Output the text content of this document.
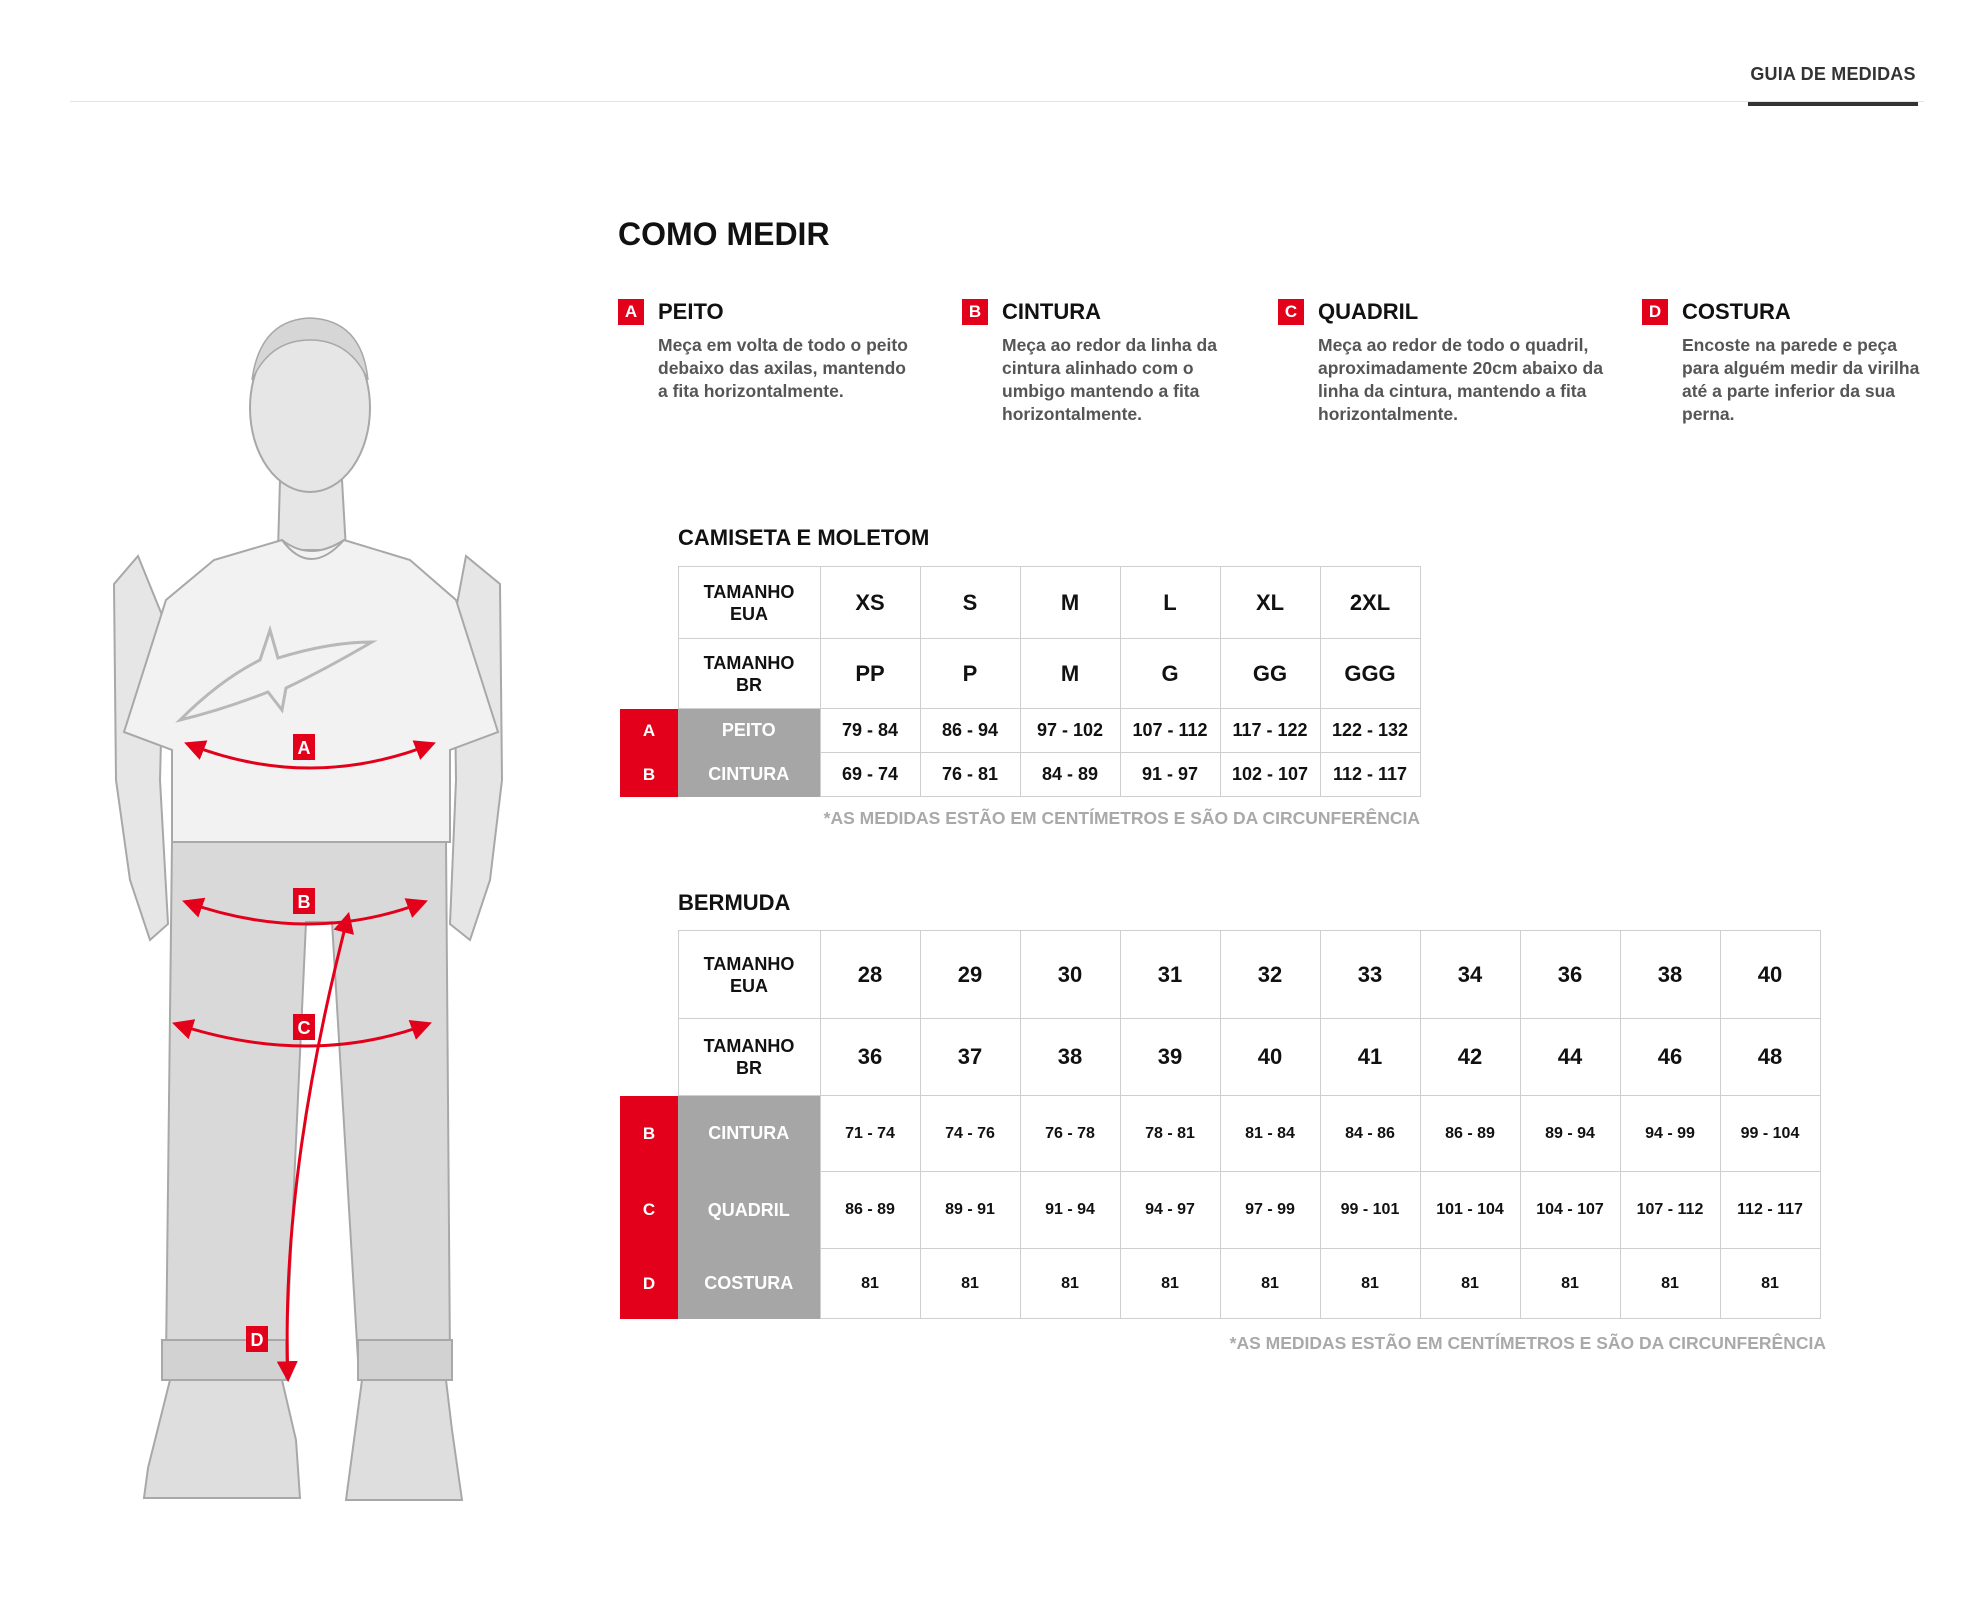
GUIA DE MEDIDAS
A
B
C
D
COMO MEDIR
A PEITO
Meça em volta de todo o peito
debaixo das axilas, mantendo
a fita horizontalmente.
B CINTURA
Meça ao redor da linha da
cintura alinhado com o
umbigo mantendo a fita
horizontalmente.
C QUADRIL
Meça ao redor de todo o quadril,
aproximadamente 20cm abaixo da
linha da cintura, mantendo a fita
horizontalmente.
D COSTURA
Encoste na parede e peça
para alguém medir da virilha
até a parte inferior da sua
perna.
CAMISETA E MOLETOM

	TAMANHO
EUA	XS	S	M	L	XL	2XL

	TAMANHO
BR	PP	P	M	G	GG	GGG
A	PEITO	79 - 84	86 - 94	97 - 102	107 - 112	117 - 122	122 - 132
B	CINTURA	69 - 74	76 - 81	84 - 89	91 - 97	102 - 107	112 - 117
*AS MEDIDAS ESTÃO EM CENTÍMETROS E SÃO DA CIRCUNFERÊNCIA
BERMUDA

	TAMANHO
EUA	28	29	30	31	32	33	34	36	38	40

	TAMANHO
BR	36	37	38	39	40	41	42	44	46	48
B	CINTURA	71 - 74	74 - 76	76 - 78	78 - 81	81 - 84	84 - 86	86 - 89	89 - 94	94 - 99	99 - 104
C	QUADRIL	86 - 89	89 - 91	91 - 94	94 - 97	97 - 99	99 - 101	101 - 104	104 - 107	107 - 112	112 - 117
D	COSTURA	81	81	81	81	81	81	81	81	81	81
*AS MEDIDAS ESTÃO EM CENTÍMETROS E SÃO DA CIRCUNFERÊNCIA
